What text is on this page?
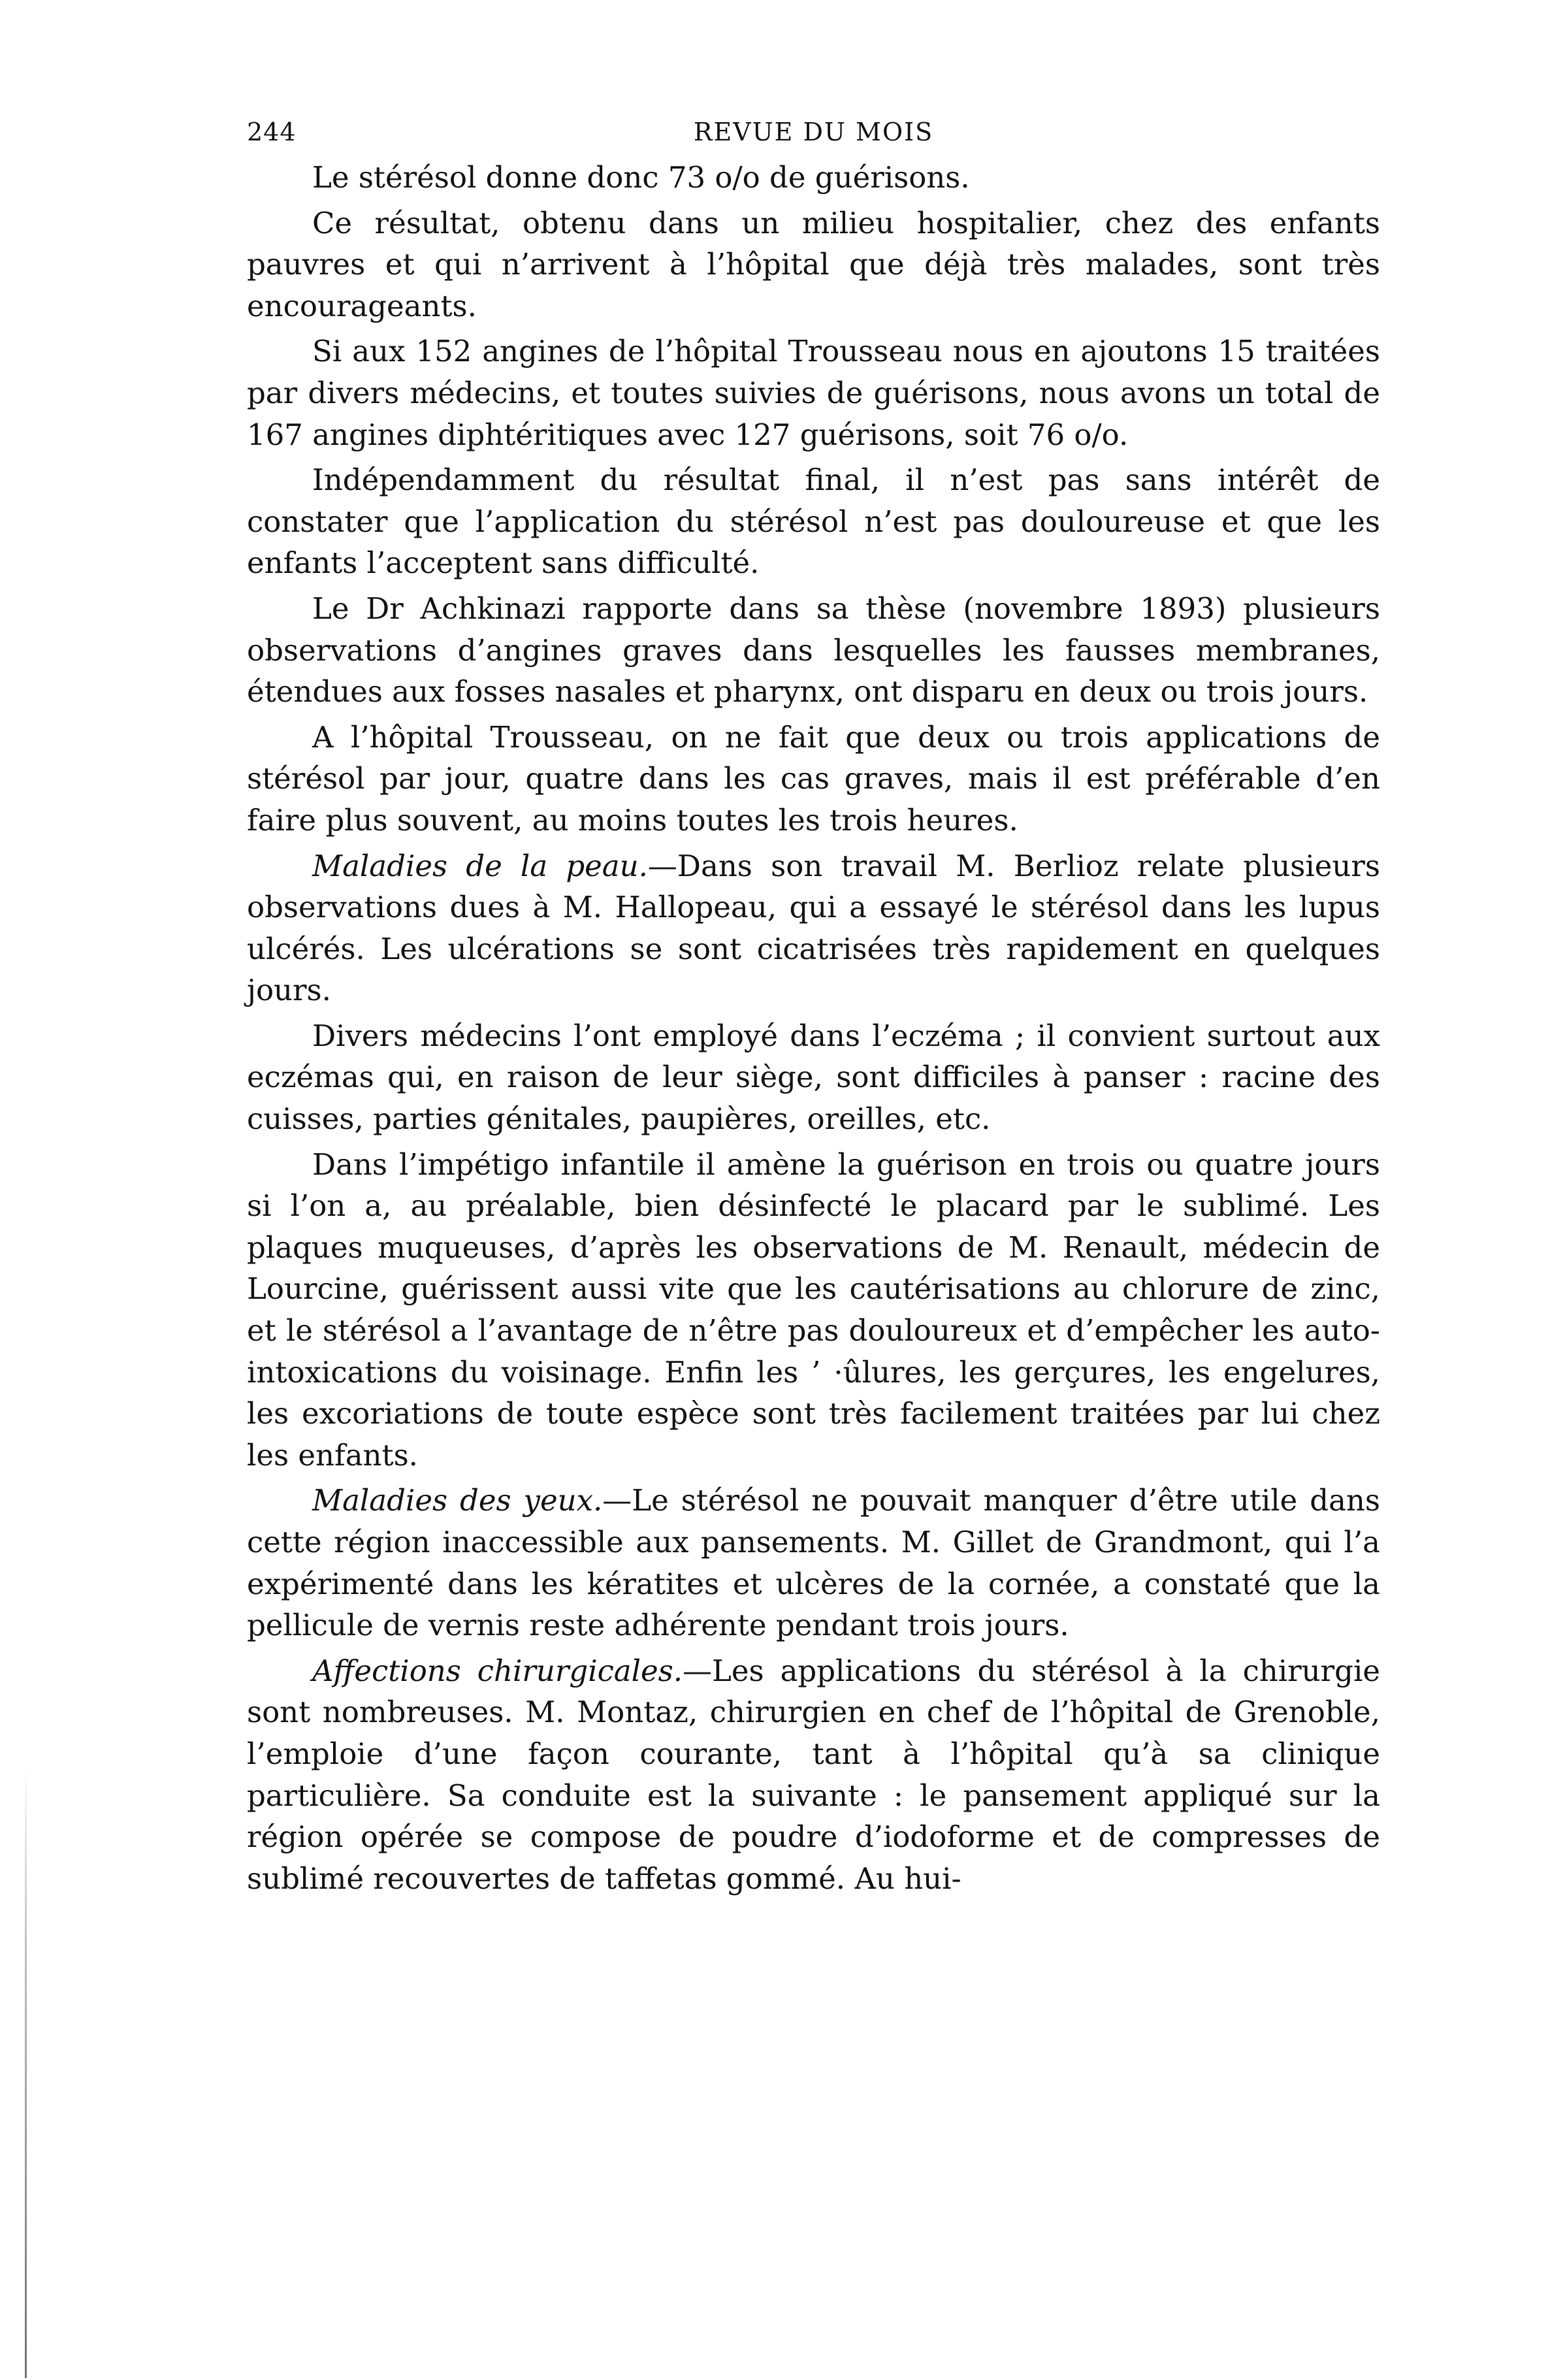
244	REVUE DU MOIS

Le stérésol donne donc 73 o/o de guérisons.

Ce résultat, obtenu dans un milieu hospitalier, chez des enfants pauvres et qui n’arrivent à l’hôpital que déjà très malades, sont très encourageants.

Si aux 152 angines de l’hôpital Trousseau nous en ajoutons 15 traitées par divers médecins, et toutes suivies de guérisons, nous avons un total de 167 angines diphtéritiques avec 127 guérisons, soit 76 o/o.

Indépendamment du résultat final, il n’est pas sans intérêt de constater que l’application du stérésol n’est pas douloureuse et que les enfants l’acceptent sans difficulté.

Le Dr Achkinazi rapporte dans sa thèse (novembre 1893) plusieurs observations d’angines graves dans lesquelles les fausses membranes, étendues aux fosses nasales et pharynx, ont disparu en deux ou trois jours.

A l’hôpital Trousseau, on ne fait que deux ou trois applications de stérésol par jour, quatre dans les cas graves, mais il est préférable d’en faire plus souvent, au moins toutes les trois heures.

Maladies de la peau.—Dans son travail M. Berlioz relate plusieurs observations dues à M. Hallopeau, qui a essayé le stérésol dans les lupus ulcérés. Les ulcérations se sont cicatrisées très rapidement en quelques jours.

Divers médecins l’ont employé dans l’eczéma ; il convient surtout aux eczémas qui, en raison de leur siège, sont difficiles à panser : racine des cuisses, parties génitales, paupières, oreilles, etc.

Dans l’impétigo infantile il amène la guérison en trois ou quatre jours si l’on a, au préalable, bien désinfecté le placard par le sublimé. Les plaques muqueuses, d’après les observations de M. Renault, médecin de Lourcine, guérissent aussi vite que les cautérisations au chlorure de zinc, et le stérésol a l’avantage de n’être pas douloureux et d’empêcher les auto-intoxications du voisinage. Enfin les ’ ·ûlures, les gerçures, les engelures, les excoriations de toute espèce sont très facilement traitées par lui chez les enfants.

Maladies des yeux.—Le stérésol ne pouvait manquer d’être utile dans cette région inaccessible aux pansements. M. Gillet de Grandmont, qui l’a expérimenté dans les kératites et ulcères de la cornée, a constaté que la pellicule de vernis reste adhérente pendant trois jours.

Affections chirurgicales.—Les applications du stérésol à la chirurgie sont nombreuses. M. Montaz, chirurgien en chef de l’hôpital de Grenoble, l’emploie d’une façon courante, tant à l’hôpital qu’à sa clinique particulière. Sa conduite est la suivante : le pansement appliqué sur la région opérée se compose de poudre d’iodoforme et de compresses de sublimé recouvertes de taffetas gommé. Au hui-
